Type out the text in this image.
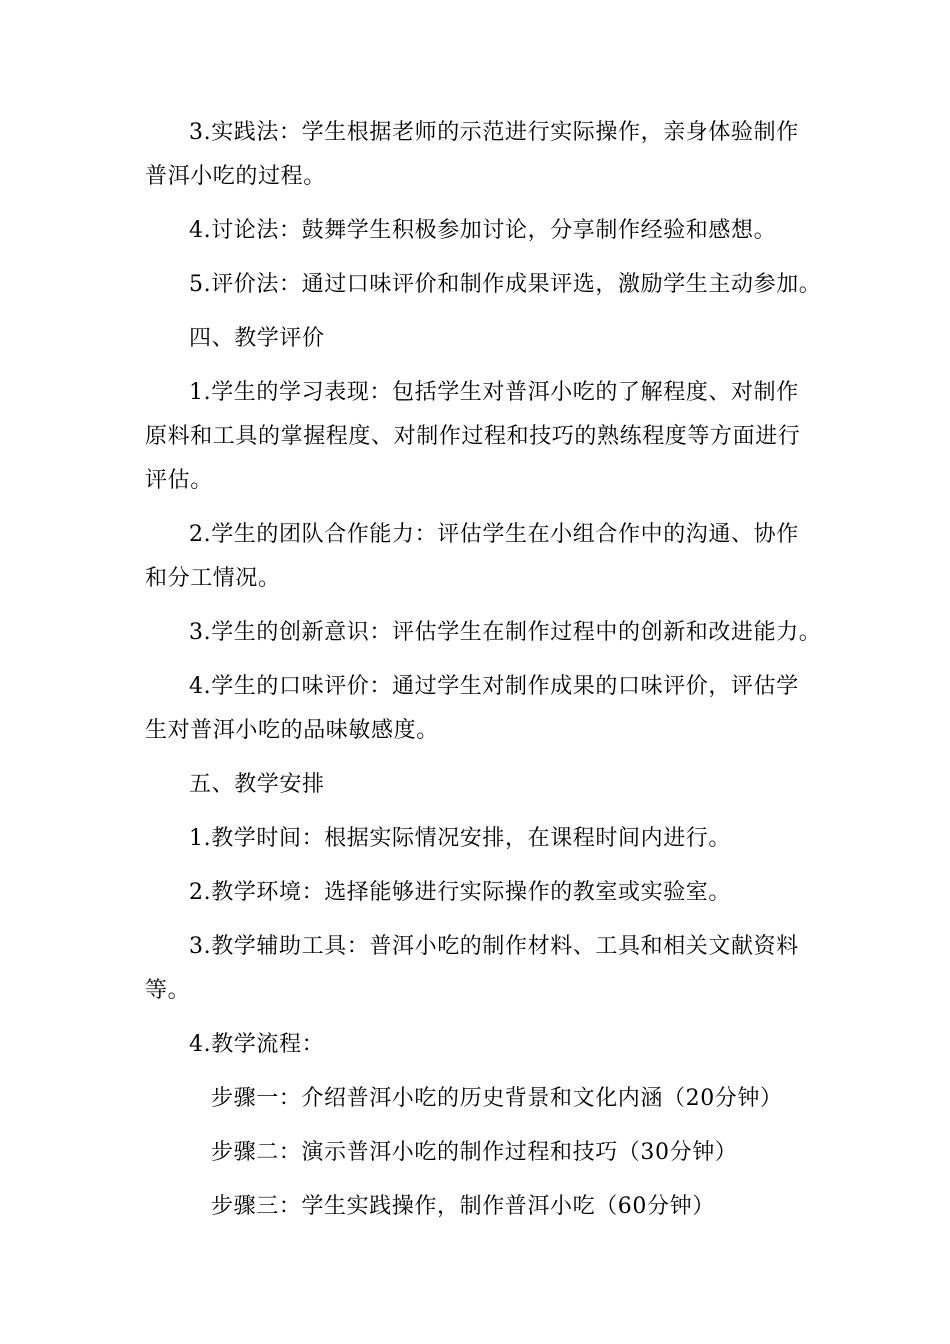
3.实践法：学生根据老师的示范进行实际操作，亲身体验制作普洱小吃的过程。

4.讨论法：鼓舞学生积极参加讨论，分享制作经验和感想。

5.评价法：通过口味评价和制作成果评选，激励学生主动参加。

四、教学评价

1.学生的学习表现：包括学生对普洱小吃的了解程度、对制作原料和工具的掌握程度、对制作过程和技巧的熟练程度等方面进行评估。

2.学生的团队合作能力：评估学生在小组合作中的沟通、协作和分工情况。

3.学生的创新意识：评估学生在制作过程中的创新和改进能力。

4.学生的口味评价：通过学生对制作成果的口味评价，评估学生对普洱小吃的品味敏感度。

五、教学安排

1.教学时间：根据实际情况安排，在课程时间内进行。

2.教学环境：选择能够进行实际操作的教室或实验室。

3.教学辅助工具：普洱小吃的制作材料、工具和相关文献资料等。

4.教学流程：

步骤一：介绍普洱小吃的历史背景和文化内涵（20分钟）

步骤二：演示普洱小吃的制作过程和技巧（30分钟）

步骤三：学生实践操作，制作普洱小吃（60分钟）
